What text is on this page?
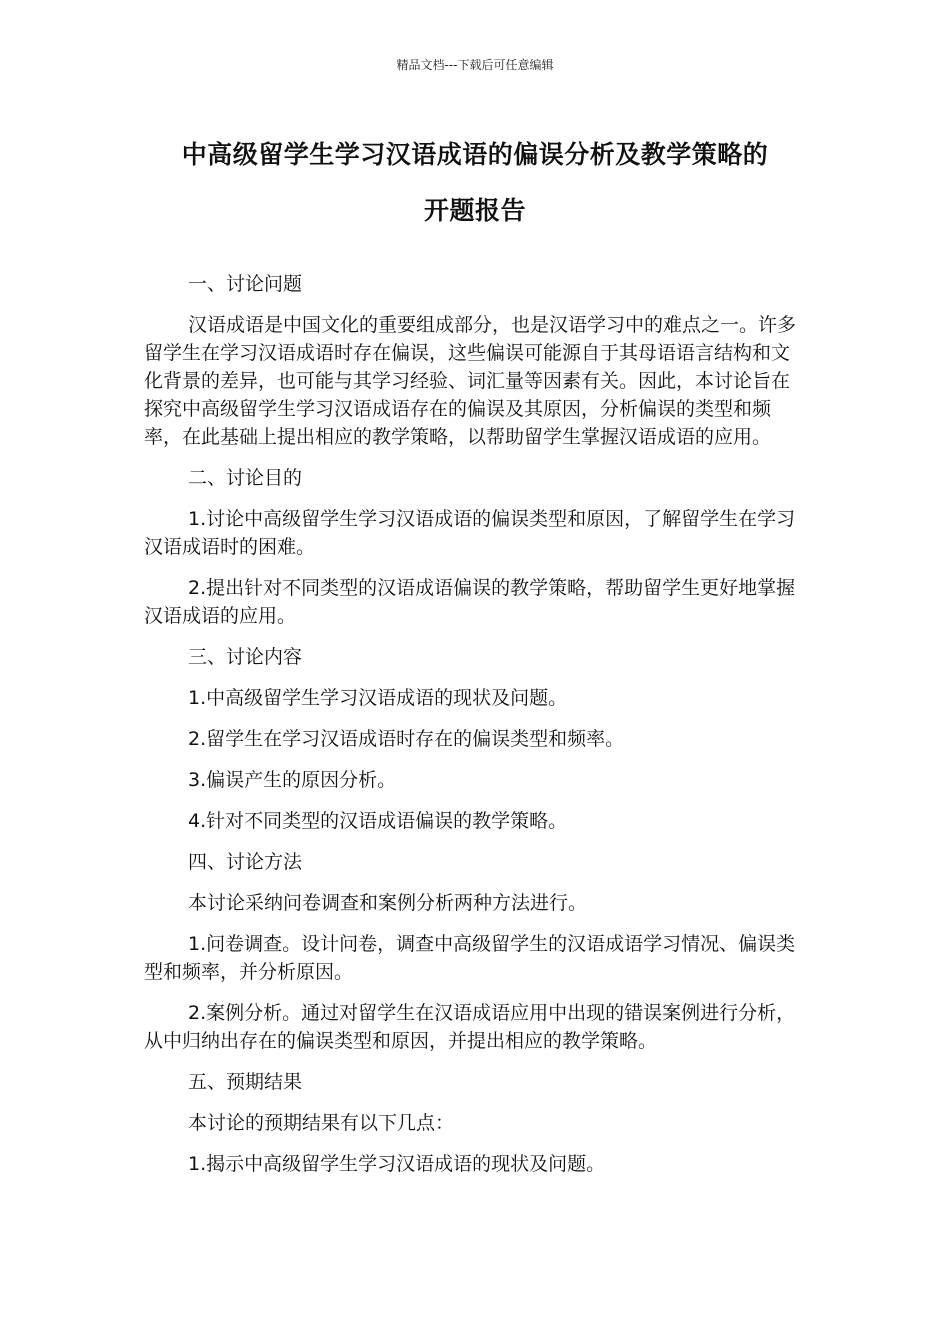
精品文档---下载后可任意编辑
中高级留学生学习汉语成语的偏误分析及教学策略的
开题报告

一、讨论问题

汉语成语是中国文化的重要组成部分，也是汉语学习中的难点之一。许多留学生在学习汉语成语时存在偏误，这些偏误可能源自于其母语语言结构和文化背景的差异，也可能与其学习经验、词汇量等因素有关。因此，本讨论旨在探究中高级留学生学习汉语成语存在的偏误及其原因，分析偏误的类型和频率，在此基础上提出相应的教学策略，以帮助留学生掌握汉语成语的应用。

二、讨论目的

1.讨论中高级留学生学习汉语成语的偏误类型和原因，了解留学生在学习汉语成语时的困难。

2.提出针对不同类型的汉语成语偏误的教学策略，帮助留学生更好地掌握汉语成语的应用。

三、讨论内容

1.中高级留学生学习汉语成语的现状及问题。

2.留学生在学习汉语成语时存在的偏误类型和频率。

3.偏误产生的原因分析。

4.针对不同类型的汉语成语偏误的教学策略。

四、讨论方法

本讨论采纳问卷调查和案例分析两种方法进行。

1.问卷调查。设计问卷，调查中高级留学生的汉语成语学习情况、偏误类型和频率，并分析原因。

2.案例分析。通过对留学生在汉语成语应用中出现的错误案例进行分析，从中归纳出存在的偏误类型和原因，并提出相应的教学策略。

五、预期结果

本讨论的预期结果有以下几点：

1.揭示中高级留学生学习汉语成语的现状及问题。
